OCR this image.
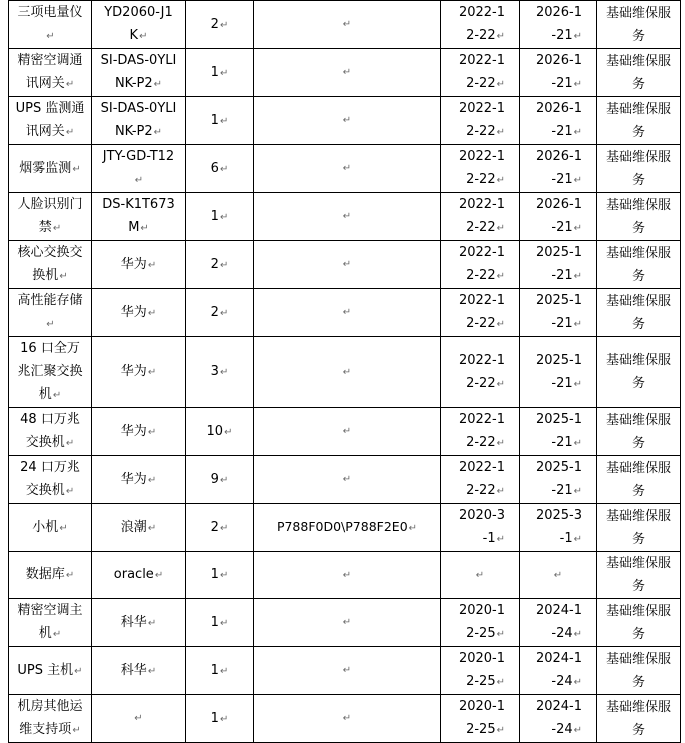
三项电量仪↵	YD2060-J1K↵	2↵	↵	2022-12-22↵	2026-1-21↵	基础维保服务

精密空调通讯网关↵	SI-DAS-0YLINK-P2↵	1↵	↵	2022-12-22↵	2026-1-21↵	基础维保服务

UPS 监测通讯网关↵	SI-DAS-0YLINK-P2↵	1↵	↵	2022-12-22↵	2026-1-21↵	基础维保服务

烟雾监测↵	JTY-GD-T12↵	6↵	↵	2022-12-22↵	2026-1-21↵	基础维保服务

人脸识别门禁↵	DS-K1T673M↵	1↵	↵	2022-12-22↵	2026-1-21↵	基础维保服务

核心交换交换机↵	华为↵	2↵	↵	2022-12-22↵	2025-1-21↵	基础维保服务

高性能存储↵	华为↵	2↵	↵	2022-12-22↵	2025-1-21↵	基础维保服务

16 口全万兆汇聚交换机↵	华为↵	3↵	↵	2022-12-22↵	2025-1-21↵	基础维保服务

48 口万兆交换机↵	华为↵	10↵	↵	2022-12-22↵	2025-1-21↵	基础维保服务

24 口万兆交换机↵	华为↵	9↵	↵	2022-12-22↵	2025-1-21↵	基础维保服务

小机↵	浪潮↵	2↵	P788F0D0\P788F2E0↵	2020-3-1↵	2025-3-1↵	基础维保服务

数据库↵	oracle↵	1↵	↵	↵	↵	基础维保服务

精密空调主机↵	科华↵	1↵	↵	2020-12-25↵	2024-1-24↵	基础维保服务

UPS 主机↵	科华↵	1↵	↵	2020-12-25↵	2024-1-24↵	基础维保服务

机房其他运维支持项↵	↵	1↵	↵	2020-12-25↵	2024-1-24↵	基础维保服务
